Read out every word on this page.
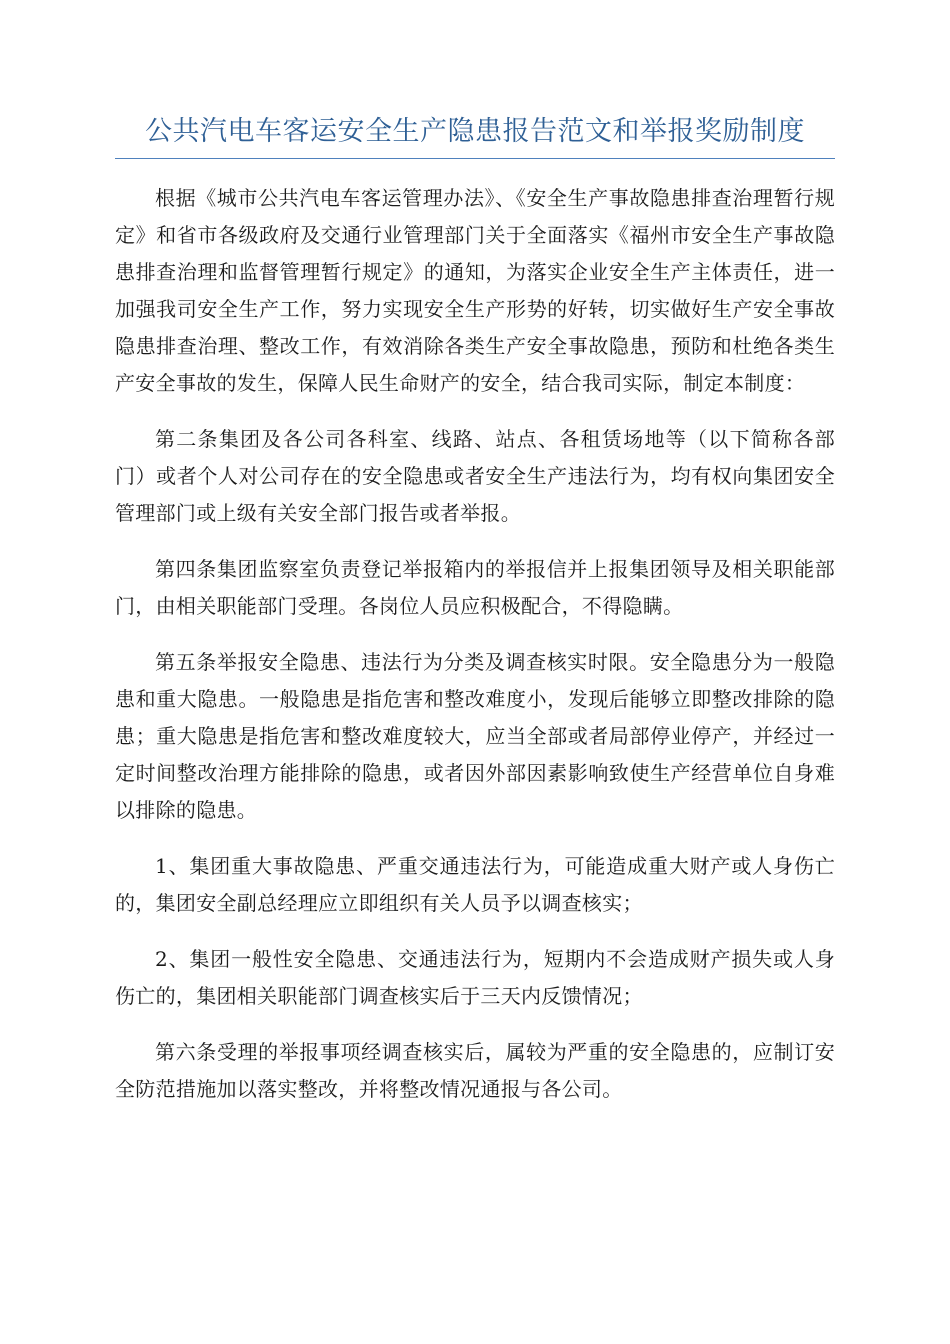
公共汽电车客运安全生产隐患报告范文和举报奖励制度

根据《城市公共汽电车客运管理办法》、《安全生产事故隐患排查治理暂行规定》和省市各级政府及交通行业管理部门关于全面落实《福州市安全生产事故隐患排查治理和监督管理暂行规定》的通知，为落实企业安全生产主体责任，进一加强我司安全生产工作，努力实现安全生产形势的好转，切实做好生产安全事故隐患排查治理、整改工作，有效消除各类生产安全事故隐患，预防和杜绝各类生产安全事故的发生，保障人民生命财产的安全，结合我司实际，制定本制度：

第二条集团及各公司各科室、线路、站点、各租赁场地等（以下简称各部门）或者个人对公司存在的安全隐患或者安全生产违法行为，均有权向集团安全管理部门或上级有关安全部门报告或者举报。

第四条集团监察室负责登记举报箱内的举报信并上报集团领导及相关职能部门，由相关职能部门受理。各岗位人员应积极配合，不得隐瞒。

第五条举报安全隐患、违法行为分类及调查核实时限。安全隐患分为一般隐患和重大隐患。一般隐患是指危害和整改难度小，发现后能够立即整改排除的隐患；重大隐患是指危害和整改难度较大，应当全部或者局部停业停产，并经过一定时间整改治理方能排除的隐患，或者因外部因素影响致使生产经营单位自身难以排除的隐患。

1、集团重大事故隐患、严重交通违法行为，可能造成重大财产或人身伤亡的，集团安全副总经理应立即组织有关人员予以调查核实；

2、集团一般性安全隐患、交通违法行为，短期内不会造成财产损失或人身伤亡的，集团相关职能部门调查核实后于三天内反馈情况；

第六条受理的举报事项经调查核实后，属较为严重的安全隐患的，应制订安全防范措施加以落实整改，并将整改情况通报与各公司。
